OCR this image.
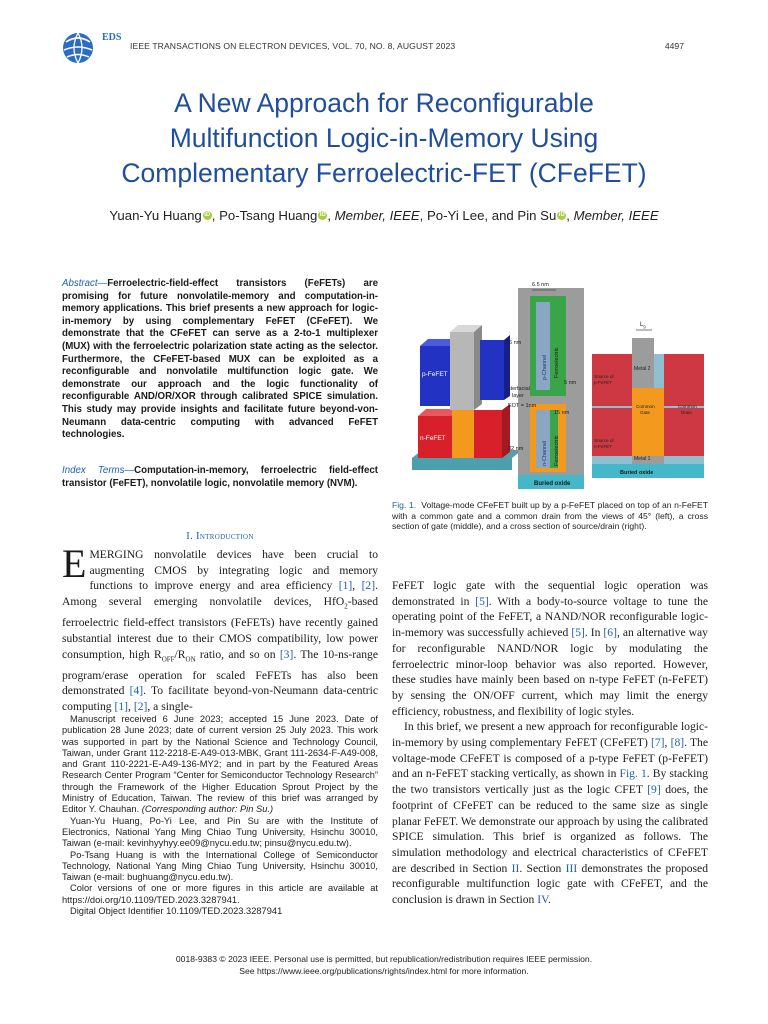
EDS
IEEE TRANSACTIONS ON ELECTRON DEVICES, VOL. 70, NO. 8, AUGUST 2023	4497
A New Approach for Reconfigurable
Multifunction Logic-in-Memory Using
Complementary Ferroelectric-FET (CFeFET)
Yuan-Yu Huang iD , Po-Tsang Huang iD , Member, IEEE, Po-Yi Lee, and Pin Su iD , Member, IEEE
Abstract—Ferroelectric-field-effect transistors (FeFETs) are promising for future nonvolatile-memory and computation-in-memory applications. This brief presents a new approach for logic-in-memory by using complementary FeFET (CFeFET). We demonstrate that the CFeFET can serve as a 2-to-1 multiplexer (MUX) with the ferroelectric polarization state acting as the selector. Furthermore, the CFeFET-based MUX can be exploited as a reconfigurable and nonvolatile multifunction logic gate. We demonstrate our approach and the logic functionality of reconfigurable AND/OR/XOR through calibrated SPICE simulation. This study may provide insights and facilitate future beyond-von-Neumann data-centric computing with advanced FeFET technologies.
Index Terms—Computation-in-memory, ferroelectric field-effect transistor (FeFET), nonvolatile logic, nonvolatile memory (NVM).
I. Introduction
EMERGING nonvolatile devices have been crucial to augmenting CMOS by integrating logic and memory functions to improve energy and area efficiency [1], [2]. Among several emerging nonvolatile devices, HfO$_2$-based ferroelectric field-effect transistors (FeFETs) have recently gained substantial interest due to their CMOS compatibility, low power consumption, high $R_{OFF}/R_{ON}$ ratio, and so on [3]. The 10-ns-range program/erase operation for scaled FeFETs has also been demonstrated [4]. To facilitate beyond-von-Neumann data-centric computing [1], [2], a single-

Manuscript received 6 June 2023; accepted 15 June 2023. Date of publication 28 June 2023; date of current version 25 July 2023. This work was supported in part by the National Science and Technology Council, Taiwan, under Grant 112-2218-E-A49-013-MBK, Grant 111-2634-F-A49-008, and Grant 110-2221-E-A49-136-MY2; and in part by the Featured Areas Research Center Program “Center for Semiconductor Technology Research” through the Framework of the Higher Education Sprout Project by the Ministry of Education, Taiwan. The review of this brief was arranged by Editor Y. Chauhan. (Corresponding author: Pin Su.)

Yuan-Yu Huang, Po-Yi Lee, and Pin Su are with the Institute of Electronics, National Yang Ming Chiao Tung University, Hsinchu 30010, Taiwan (e-mail: kevinhyyhyy.ee09@nycu.edu.tw; pinsu@nycu.edu.tw).

Po-Tsang Huang is with the International College of Semiconductor Technology, National Yang Ming Chiao Tung University, Hsinchu 30010, Taiwan (e-mail: bughuang@nycu.edu.tw).

Color versions of one or more figures in this article are available at https://doi.org/10.1109/TED.2023.3287941.

Digital Object Identifier 10.1109/TED.2023.3287941

p-FeFET
n-FeFET
Buried oxide
p-Channel Ferroelectric
n-Channel Ferroelectric
6.5 nm
46 nm
5 nm
Interfacial
layer
EOT = 1nm
15 nm
32 nm
Buried oxide
$L_g$
Metal 2
Metal 1
Source of
p-FeFET
Source of
n-FeFET
Common
Gate
Common
Drain
Fig. 1. Voltage-mode CFeFET built up by a p-FeFET placed on top of an n-FeFET with a common gate and a common drain from the views of 45° (left), a cross section of gate (middle), and a cross section of source/drain (right).

FeFET logic gate with the sequential logic operation was demonstrated in [5]. With a body-to-source voltage to tune the operating point of the FeFET, a NAND/NOR reconfigurable logic-in-memory was successfully achieved [5]. In [6], an alternative way for reconfigurable NAND/NOR logic by modulating the ferroelectric minor-loop behavior was also reported. However, these studies have mainly been based on n-type FeFET (n-FeFET) by sensing the ON/OFF current, which may limit the energy efficiency, robustness, and flexibility of logic styles.

In this brief, we present a new approach for reconfigurable logic-in-memory by using complementary FeFET (CFeFET) [7], [8]. The voltage-mode CFeFET is composed of a p-type FeFET (p-FeFET) and an n-FeFET stacking vertically, as shown in Fig. 1. By stacking the two transistors vertically just as the logic CFET [9] does, the footprint of CFeFET can be reduced to the same size as single planar FeFET. We demonstrate our approach by using the calibrated SPICE simulation. This brief is organized as follows. The simulation methodology and electrical characteristics of CFeFET are described in Section II. Section III demonstrates the proposed reconfigurable multifunction logic gate with CFeFET, and the conclusion is drawn in Section IV.

0018-9383 © 2023 IEEE. Personal use is permitted, but republication/redistribution requires IEEE permission.
See https://www.ieee.org/publications/rights/index.html for more information.
